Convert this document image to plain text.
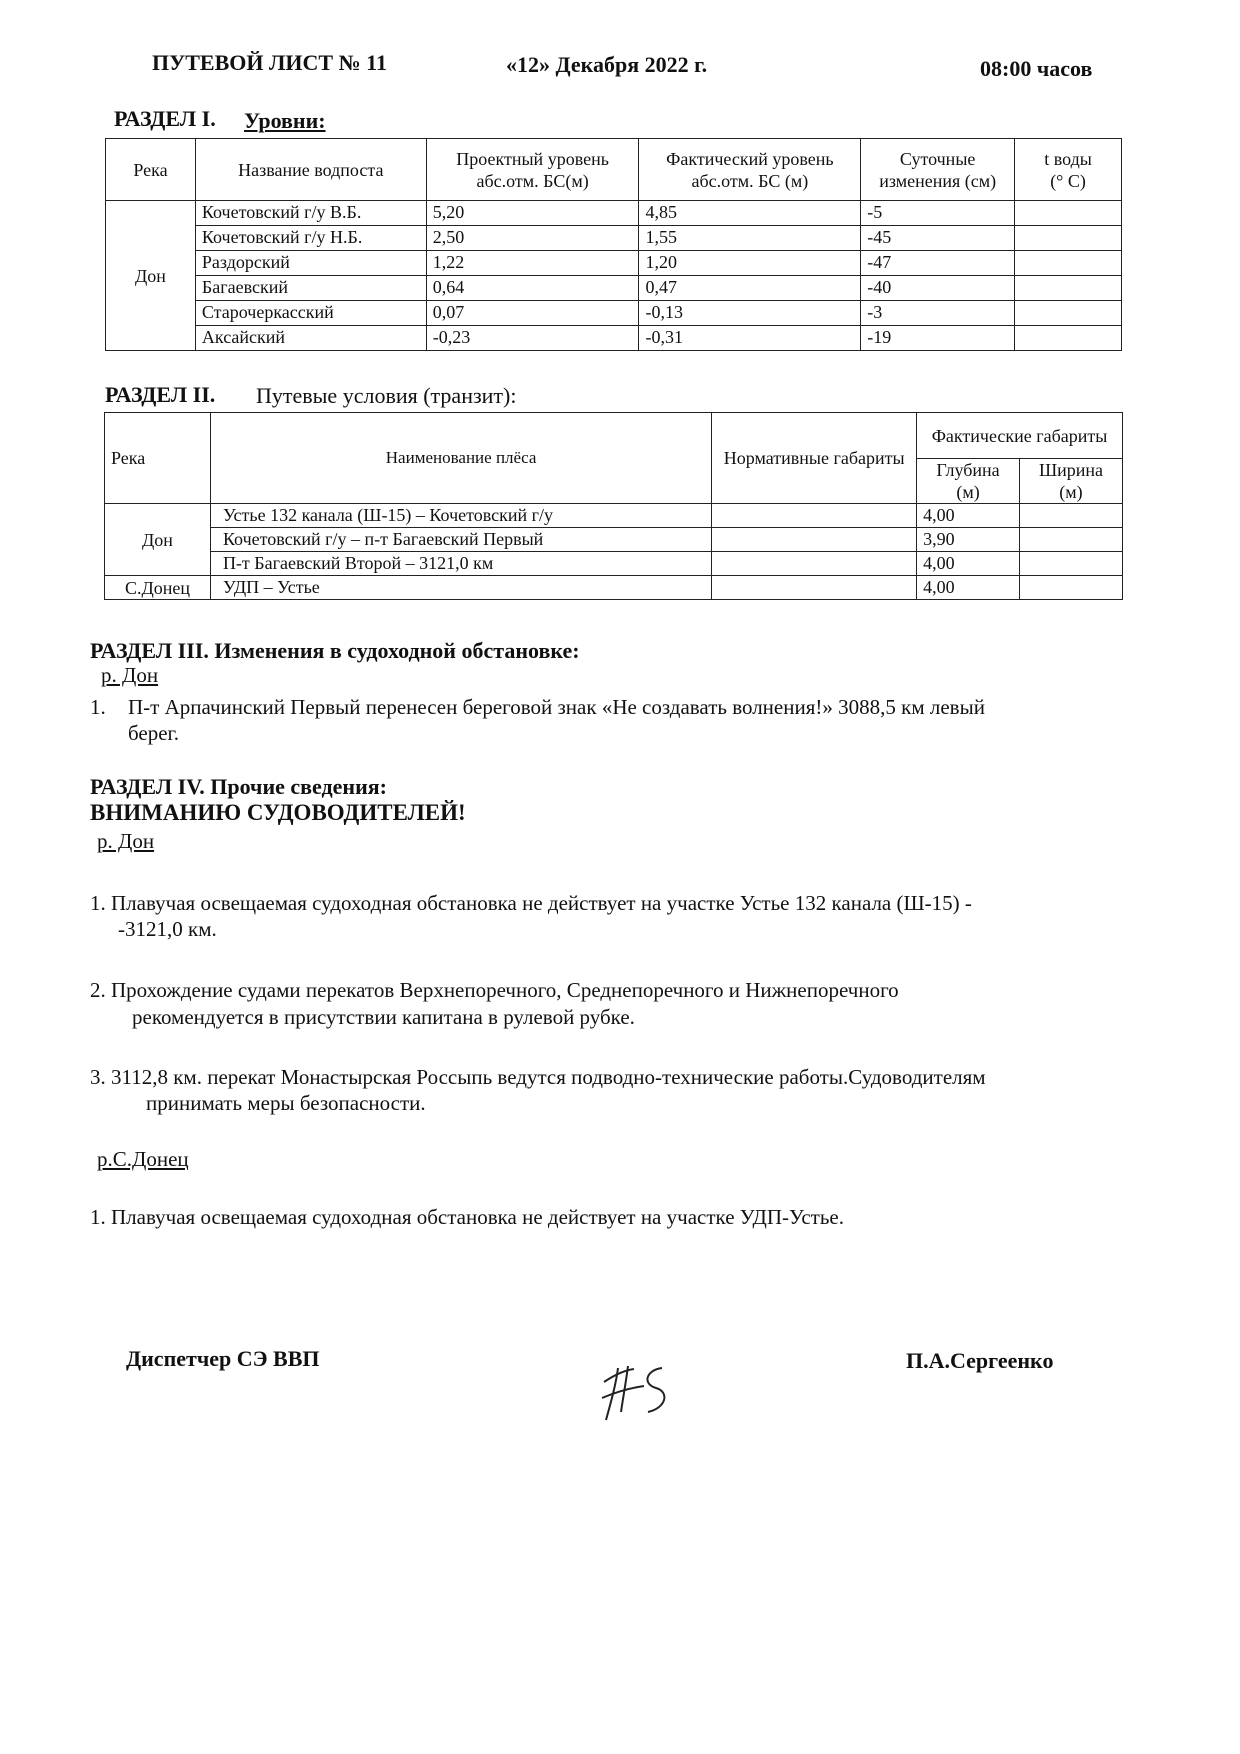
ПУТЕВОЙ ЛИСТ № 11	«12» Декабря 2022 г.	08:00 часов
РАЗДЕЛ I. Уровни:
Река	Название водпоста	Проектный уровень абс.отм. БС(м)	Фактический уровень абс.отм. БС (м)	Суточные изменения (см)	t воды
(° С)

Дон	Кочетовский г/у В.Б.	5,20	4,85	-5	
	Кочетовский г/у Н.Б.	2,50	1,55	-45	
	Раздорский	1,22	1,20	-47	
	Багаевский	0,64	0,47	-40	
	Старочеркасский	0,07	-0,13	-3	
	Аксайский	-0,23	-0,31	-19	
РАЗДЕЛ II. Путевые условия (транзит):
Река	Наименование плёса	Нормативные габариты	Фактические габариты	
			Глубина (м)	Ширина (м)
Дон	Устье 132 канала (Ш-15) – Кочетовский г/у		4,00	
	Кочетовский г/у – п-т Багаевский Первый		3,90	
	П-т Багаевский Второй – 3121,0 км		4,00	
С.Донец	УДП – Устье		4,00	
РАЗДЕЛ III. Изменения в судоходной обстановке:
р. Дон
1. П-т Арпачинский Первый перенесен береговой знак «Не создавать волнения!» 3088,5 км левый
берег.
РАЗДЕЛ IV. Прочие сведения:
ВНИМАНИЮ СУДОВОДИТЕЛЕЙ!
р. Дон
1. Плавучая освещаемая судоходная обстановка не действует на участке Устье 132 канала (Ш-15) -
-3121,0 км.
2. Прохождение судами перекатов Верхнепоречного, Среднепоречного и Нижнепоречного
рекомендуется в присутствии капитана в рулевой рубке.
3. 3112,8 км. перекат Монастырская Россыпь ведутся подводно-технические работы.Судоводителям
принимать меры безопасности.
р.С.Донец
1. Плавучая освещаемая судоходная обстановка не действует на участке УДП-Устье.
Диспетчер СЭ ВВП	П.А.Сергеенко
